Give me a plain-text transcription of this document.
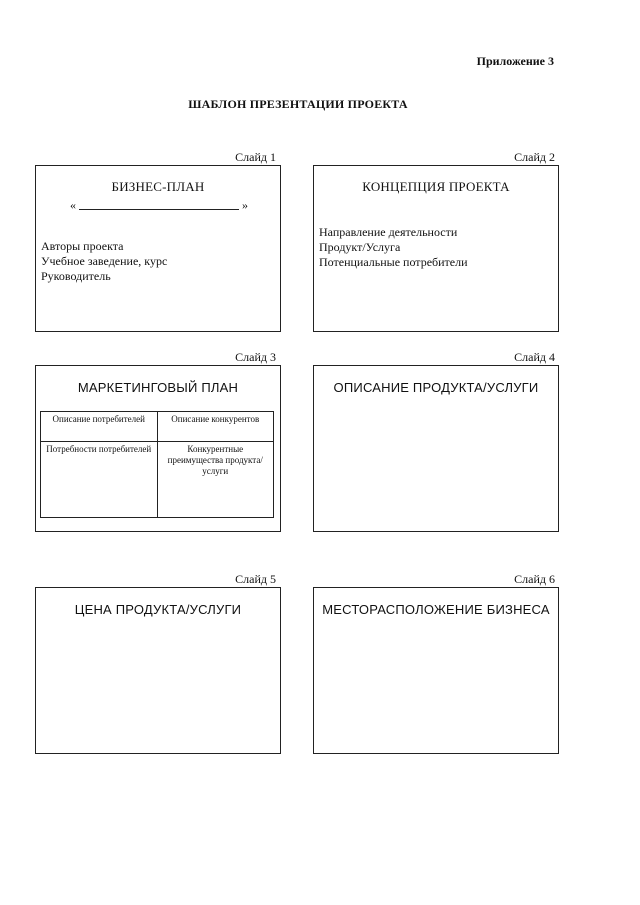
Приложение 3
ШАБЛОН ПРЕЗЕНТАЦИИ ПРОЕКТА
Слайд 1
БИЗНЕС-ПЛАН
«	»
Авторы проекта
Учебное заведение, курс
Руководитель
Слайд 2
КОНЦЕПЦИЯ ПРОЕКТА
Направление деятельности
Продукт/Услуга
Потенциальные потребители
Слайд 3
МАРКЕТИНГОВЫЙ ПЛАН
Описание потребителей	Описание конкурентов
Потребности потребителей	Конкурентные преимущества продукта/услуги
Слайд 4
ОПИСАНИЕ ПРОДУКТА/УСЛУГИ
Слайд 5
ЦЕНА ПРОДУКТА/УСЛУГИ
Слайд 6
МЕСТОРАСПОЛОЖЕНИЕ БИЗНЕСА
